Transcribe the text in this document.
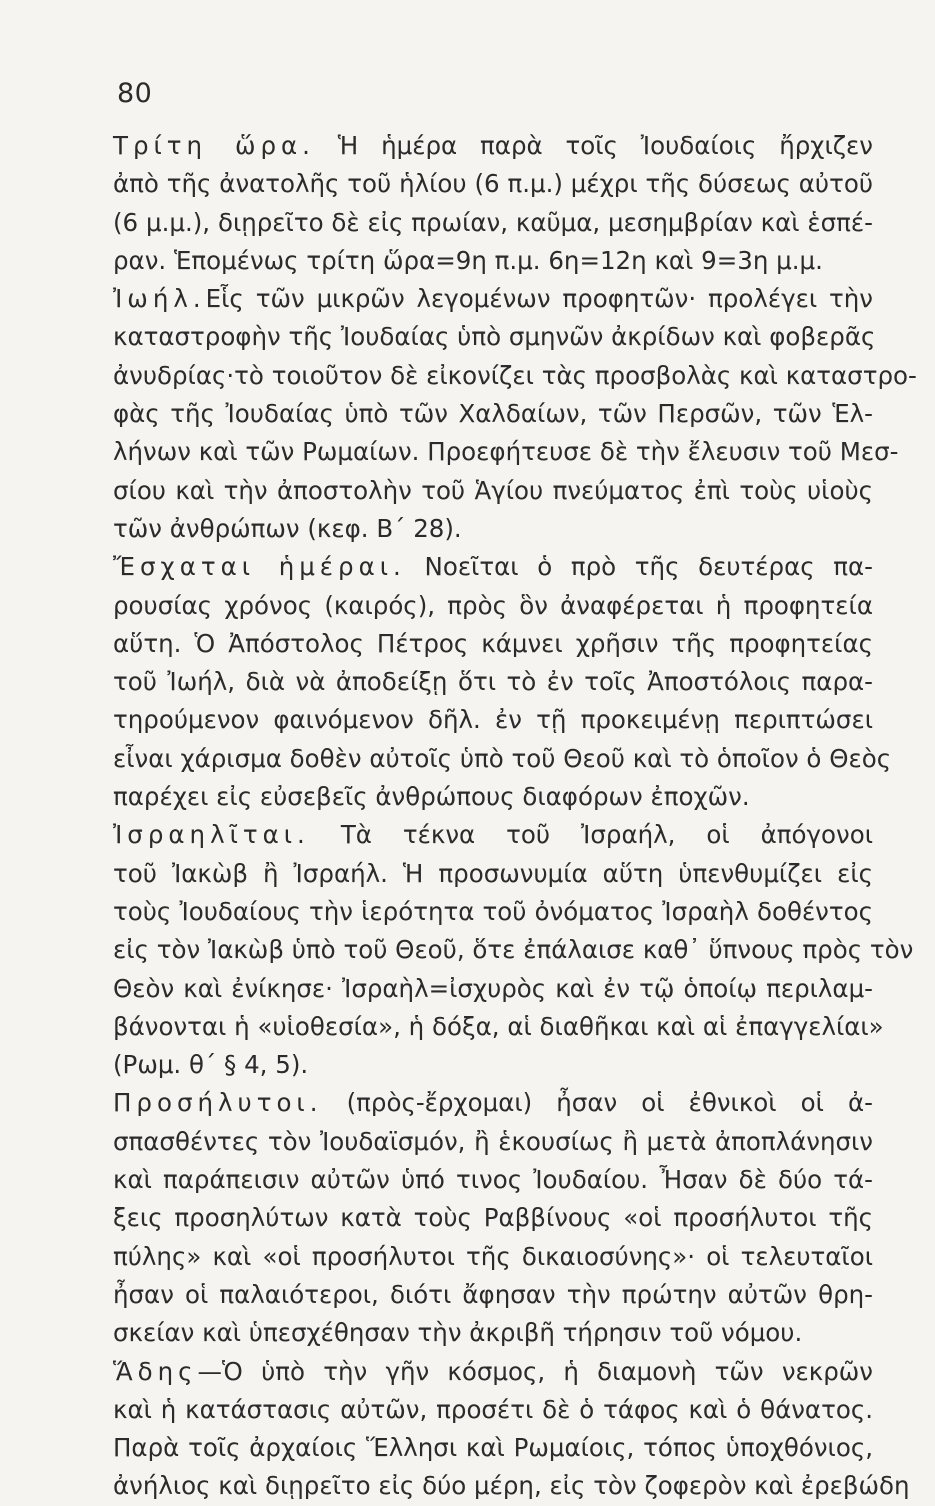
80
Τρίτη ὥρα. Ἡ ἡμέρα παρὰ τοῖς Ἰουδαίοις ἤρχιζεν
ἀπὸ τῆς ἀνατολῆς τοῦ ἡλίου (6 π.μ.) μέχρι τῆς δύσεως αὐτοῦ
(6 μ.μ.), διῃρεῖτο δὲ εἰς πρωίαν, καῦμα, μεσημβρίαν καὶ ἑσπέ-
ραν. Ἑπομένως τρίτη ὥρα=9η π.μ. 6η=12η καὶ 9=3η μ.μ.
Ἰωήλ.Εἷς τῶν μικρῶν λεγομένων προφητῶν· προλέγει τὴν
καταστροφὴν τῆς Ἰουδαίας ὑπὸ σμηνῶν ἀκρίδων καὶ φοβερᾶς
ἀνυδρίας·τὸ τοιοῦτον δὲ εἰκονίζει τὰς προσβολὰς καὶ καταστρο-
φὰς τῆς Ἰουδαίας ὑπὸ τῶν Χαλδαίων, τῶν Περσῶν, τῶν Ἑλ-
λήνων καὶ τῶν Ρωμαίων. Προεφήτευσε δὲ τὴν ἔλευσιν τοῦ Μεσ-
σίου καὶ τὴν ἀποστολὴν τοῦ Ἁγίου πνεύματος ἐπὶ τοὺς υἱοὺς
τῶν ἀνθρώπων (κεφ. Β΄ 28).
Ἔσχαται ἡμέραι. Νοεῖται ὁ πρὸ τῆς δευτέρας πα-
ρουσίας χρόνος (καιρός), πρὸς ὃν ἀναφέρεται ἡ προφητεία
αὕτη. Ὁ Ἀπόστολος Πέτρος κάμνει χρῆσιν τῆς προφητείας
τοῦ Ἰωήλ, διὰ νὰ ἀποδείξῃ ὅτι τὸ ἐν τοῖς Ἀποστόλοις παρα-
τηρούμενον φαινόμενον δῆλ. ἐν τῇ προκειμένῃ περιπτώσει
εἶναι χάρισμα δοθὲν αὐτοῖς ὑπὸ τοῦ Θεοῦ καὶ τὸ ὁποῖον ὁ Θεὸς
παρέχει εἰς εὐσεβεῖς ἀνθρώπους διαφόρων ἐποχῶν.
Ἰσραηλῖται. Τὰ τέκνα τοῦ Ἰσραήλ, οἱ ἀπόγονοι
τοῦ Ἰακὼβ ἢ Ἰσραήλ. Ἡ προσωνυμία αὕτη ὑπενθυμίζει εἰς
τοὺς Ἰουδαίους τὴν ἱερότητα τοῦ ὀνόματος Ἰσραὴλ δοθέντος
εἰς τὸν Ἰακὼβ ὑπὸ τοῦ Θεοῦ, ὅτε ἐπάλαισε καθ᾿ ὕπνους πρὸς τὸν
Θεὸν καὶ ἐνίκησε· Ἰσραὴλ=ἰσχυρὸς καὶ ἐν τῷ ὁποίῳ περιλαμ-
βάνονται ἡ «υἱοθεσία», ἡ δόξα, αἱ διαθῆκαι καὶ αἱ ἐπαγγελίαι»
(Ρωμ. θ΄ § 4, 5).
Προσήλυτοι. (πρὸς-ἔρχομαι) ἦσαν οἱ ἐθνικοὶ οἱ ἀ-
σπασθέντες τὸν Ἰουδαϊσμόν, ἢ ἑκουσίως ἢ μετὰ ἀποπλάνησιν
καὶ παράπεισιν αὐτῶν ὑπό τινος Ἰουδαίου. Ἦσαν δὲ δύο τά-
ξεις προσηλύτων κατὰ τοὺς Ραββίνους «οἱ προσήλυτοι τῆς
πύλης» καὶ «οἱ προσήλυτοι τῆς δικαιοσύνης»· οἱ τελευταῖοι
ἦσαν οἱ παλαιότεροι, διότι ἄφησαν τὴν πρώτην αὐτῶν θρη-
σκείαν καὶ ὑπεσχέθησαν τὴν ἀκριβῆ τήρησιν τοῦ νόμου.
Ἅδης—Ὁ ὑπὸ τὴν γῆν κόσμος, ἡ διαμονὴ τῶν νεκρῶν
καὶ ἡ κατάστασις αὐτῶν, προσέτι δὲ ὁ τάφος καὶ ὁ θάνατος.
Παρὰ τοῖς ἀρχαίοις Ἕλλησι καὶ Ρωμαίοις, τόπος ὑποχθόνιος,
ἀνήλιος καὶ διῃρεῖτο εἰς δύο μέρη, εἰς τὸν ζοφερὸν καὶ ἐρεβώδη
